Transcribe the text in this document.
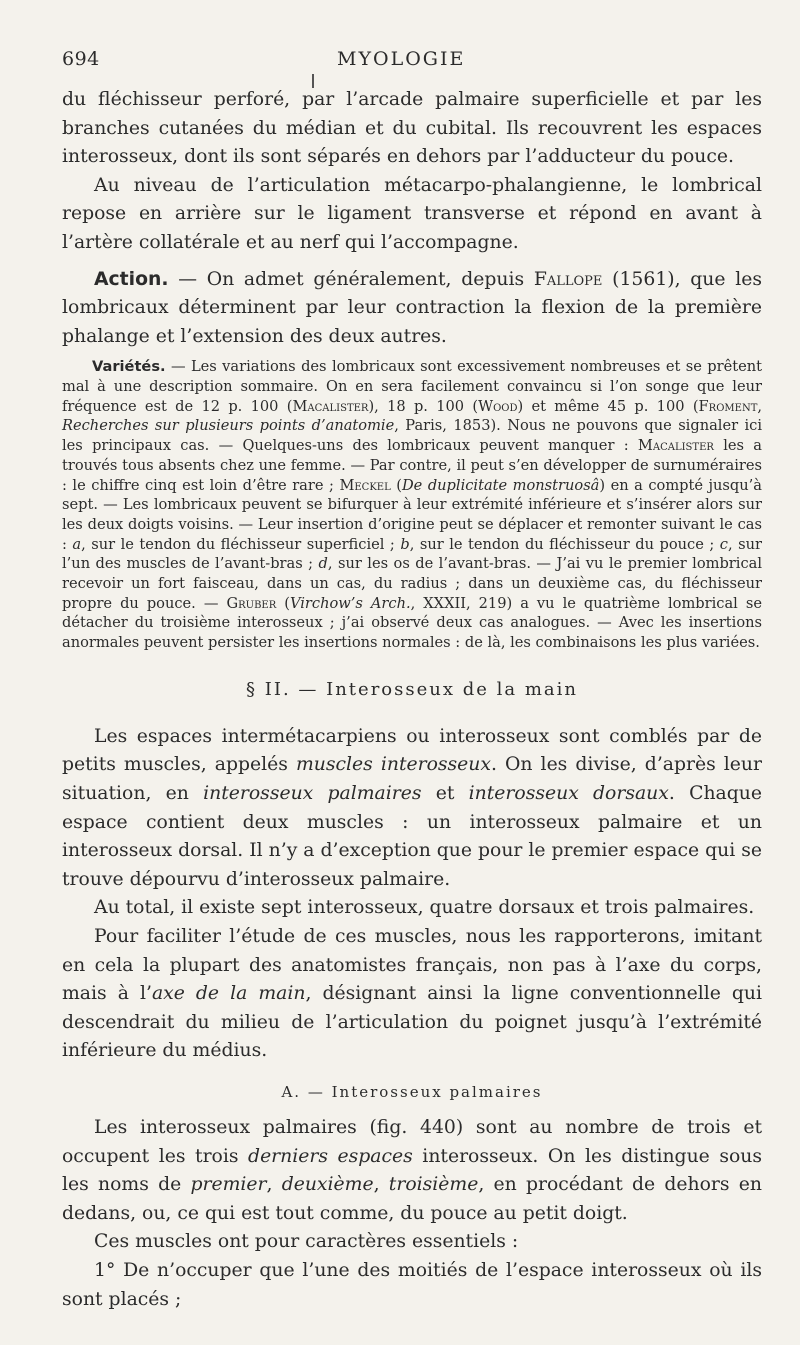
694	MYOLOGIE

du fléchisseur perforé, par l’arcade palmaire superficielle et par les branches cutanées du médian et du cubital. Ils recouvrent les espaces interosseux, dont ils sont séparés en dehors par l’adducteur du pouce.

Au niveau de l’articulation métacarpo-phalangienne, le lombrical repose en arrière sur le ligament transverse et répond en avant à l’artère collatérale et au nerf qui l’accompagne.

Action. — On admet généralement, depuis Fallope (1561), que les lombricaux déterminent par leur contraction la flexion de la première phalange et l’extension des deux autres.

Variétés. — Les variations des lombricaux sont excessivement nombreuses et se prêtent mal à une description sommaire. On en sera facilement convaincu si l’on songe que leur fréquence est de 12 p. 100 (Macalister), 18 p. 100 (Wood) et même 45 p. 100 (Froment, Recherches sur plusieurs points d’anatomie, Paris, 1853). Nous ne pouvons que signaler ici les principaux cas. — Quelques-uns des lombricaux peuvent manquer : Macalister les a trouvés tous absents chez une femme. — Par contre, il peut s’en développer de surnuméraires : le chiffre cinq est loin d’être rare ; Meckel (De duplicitate monstruosâ) en a compté jusqu’à sept. — Les lombricaux peuvent se bifurquer à leur extrémité inférieure et s’insérer alors sur les deux doigts voisins. — Leur insertion d’origine peut se déplacer et remonter suivant le cas : a, sur le tendon du fléchisseur superficiel ; b, sur le tendon du fléchisseur du pouce ; c, sur l’un des muscles de l’avant-bras ; d, sur les os de l’avant-bras. — J’ai vu le premier lombrical recevoir un fort faisceau, dans un cas, du radius ; dans un deuxième cas, du fléchisseur propre du pouce. — Gruber (Virchow’s Arch., XXXII, 219) a vu le quatrième lombrical se détacher du troisième interosseux ; j’ai observé deux cas analogues. — Avec les insertions anormales peuvent persister les insertions normales : de là, les combinaisons les plus variées.

§ II. — Interosseux de la main

Les espaces intermétacarpiens ou interosseux sont comblés par de petits muscles, appelés muscles interosseux. On les divise, d’après leur situation, en interosseux palmaires et interosseux dorsaux. Chaque espace contient deux muscles : un interosseux palmaire et un interosseux dorsal. Il n’y a d’exception que pour le premier espace qui se trouve dépourvu d’interosseux palmaire.

Au total, il existe sept interosseux, quatre dorsaux et trois palmaires.

Pour faciliter l’étude de ces muscles, nous les rapporterons, imitant en cela la plupart des anatomistes français, non pas à l’axe du corps, mais à l’axe de la main, désignant ainsi la ligne conventionnelle qui descendrait du milieu de l’articulation du poignet jusqu’à l’extrémité inférieure du médius.

A. — Interosseux palmaires

Les interosseux palmaires (fig. 440) sont au nombre de trois et occupent les trois derniers espaces interosseux. On les distingue sous les noms de premier, deuxième, troisième, en procédant de dehors en dedans, ou, ce qui est tout comme, du pouce au petit doigt.

Ces muscles ont pour caractères essentiels :

1° De n’occuper que l’une des moitiés de l’espace interosseux où ils sont placés ;
